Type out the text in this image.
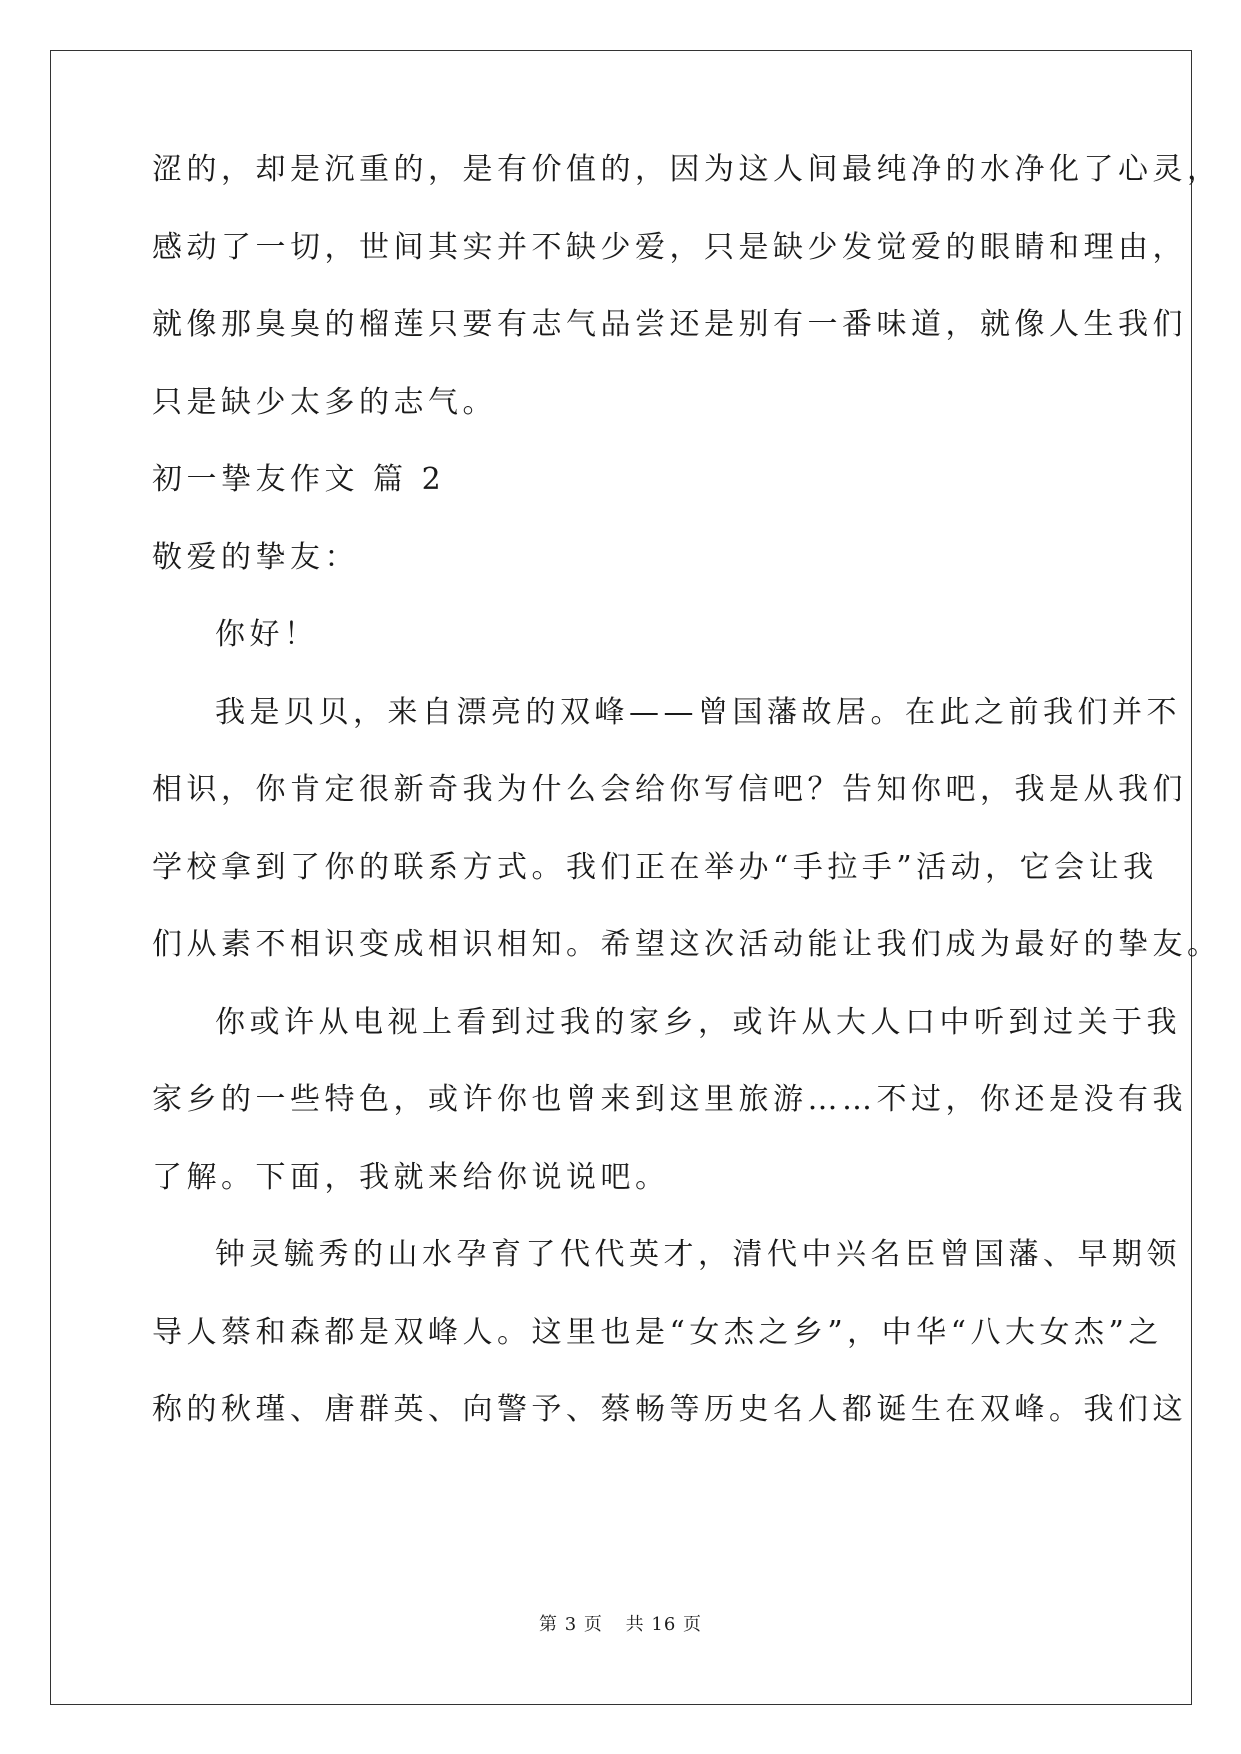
涩的，却是沉重的，是有价值的，因为这人间最纯净的水净化了心灵，
感动了一切，世间其实并不缺少爱，只是缺少发觉爱的眼睛和理由，
就像那臭臭的榴莲只要有志气品尝还是别有一番味道，就像人生我们
只是缺少太多的志气。
初一挚友作文 篇 2
敬爱的挚友：
你好！
我是贝贝，来自漂亮的双峰——曾国藩故居。在此之前我们并不
相识，你肯定很新奇我为什么会给你写信吧？告知你吧，我是从我们
学校拿到了你的联系方式。我们正在举办“手拉手”活动，它会让我
们从素不相识变成相识相知。希望这次活动能让我们成为最好的挚友。
你或许从电视上看到过我的家乡，或许从大人口中听到过关于我
家乡的一些特色，或许你也曾来到这里旅游……不过，你还是没有我
了解。下面，我就来给你说说吧。
钟灵毓秀的山水孕育了代代英才，清代中兴名臣曾国藩、早期领
导人蔡和森都是双峰人。这里也是“女杰之乡”，中华“八大女杰”之
称的秋瑾、唐群英、向警予、蔡畅等历史名人都诞生在双峰。我们这
第 3 页 共 16 页
